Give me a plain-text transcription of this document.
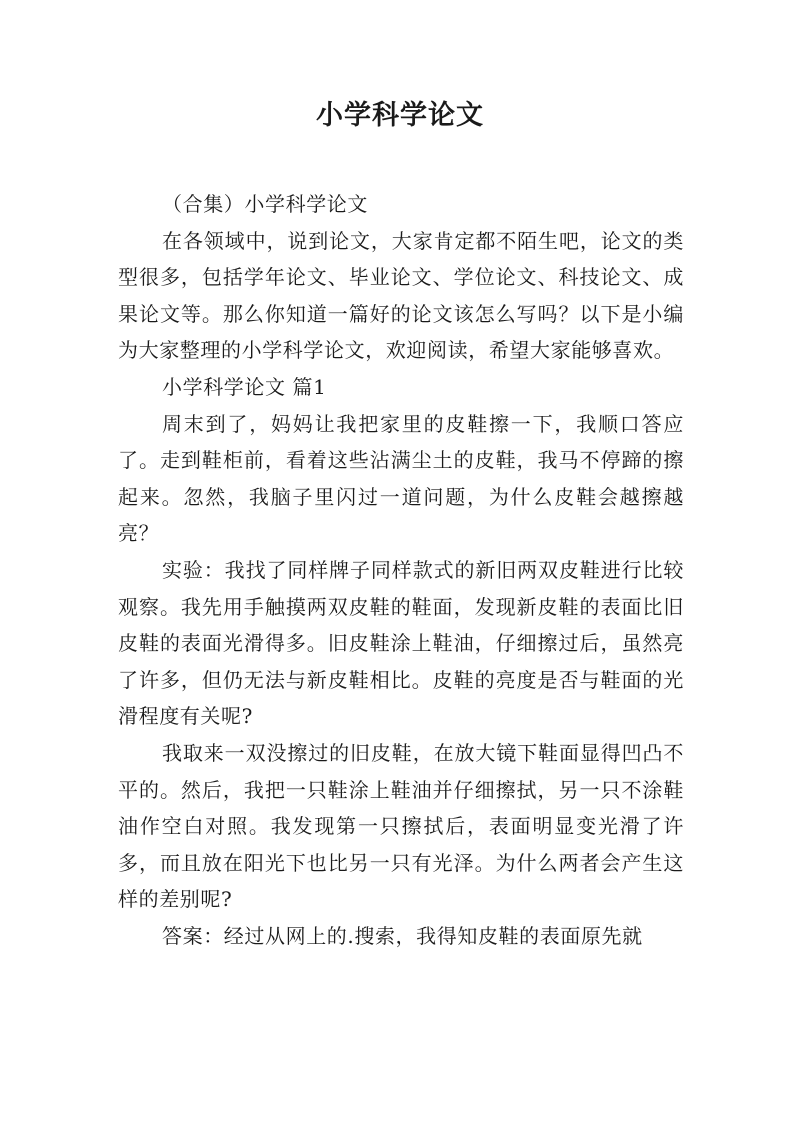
小学科学论文

（合集）小学科学论文

在各领域中，说到论文，大家肯定都不陌生吧，论文的类型很多，包括学年论文、毕业论文、学位论文、科技论文、成果论文等。那么你知道一篇好的论文该怎么写吗？以下是小编为大家整理的小学科学论文，欢迎阅读，希望大家能够喜欢。

小学科学论文 篇1

周末到了，妈妈让我把家里的皮鞋擦一下，我顺口答应了。走到鞋柜前，看着这些沾满尘土的皮鞋，我马不停蹄的擦起来。忽然，我脑子里闪过一道问题，为什么皮鞋会越擦越亮？

实验：我找了同样牌子同样款式的新旧两双皮鞋进行比较观察。我先用手触摸两双皮鞋的鞋面，发现新皮鞋的表面比旧皮鞋的表面光滑得多。旧皮鞋涂上鞋油，仔细擦过后，虽然亮了许多，但仍无法与新皮鞋相比。皮鞋的亮度是否与鞋面的光滑程度有关呢?

我取来一双没擦过的旧皮鞋，在放大镜下鞋面显得凹凸不平的。然后，我把一只鞋涂上鞋油并仔细擦拭，另一只不涂鞋油作空白对照。我发现第一只擦拭后，表面明显变光滑了许多，而且放在阳光下也比另一只有光泽。为什么两者会产生这样的差别呢?

答案：经过从网上的.搜索，我得知皮鞋的表面原先就
